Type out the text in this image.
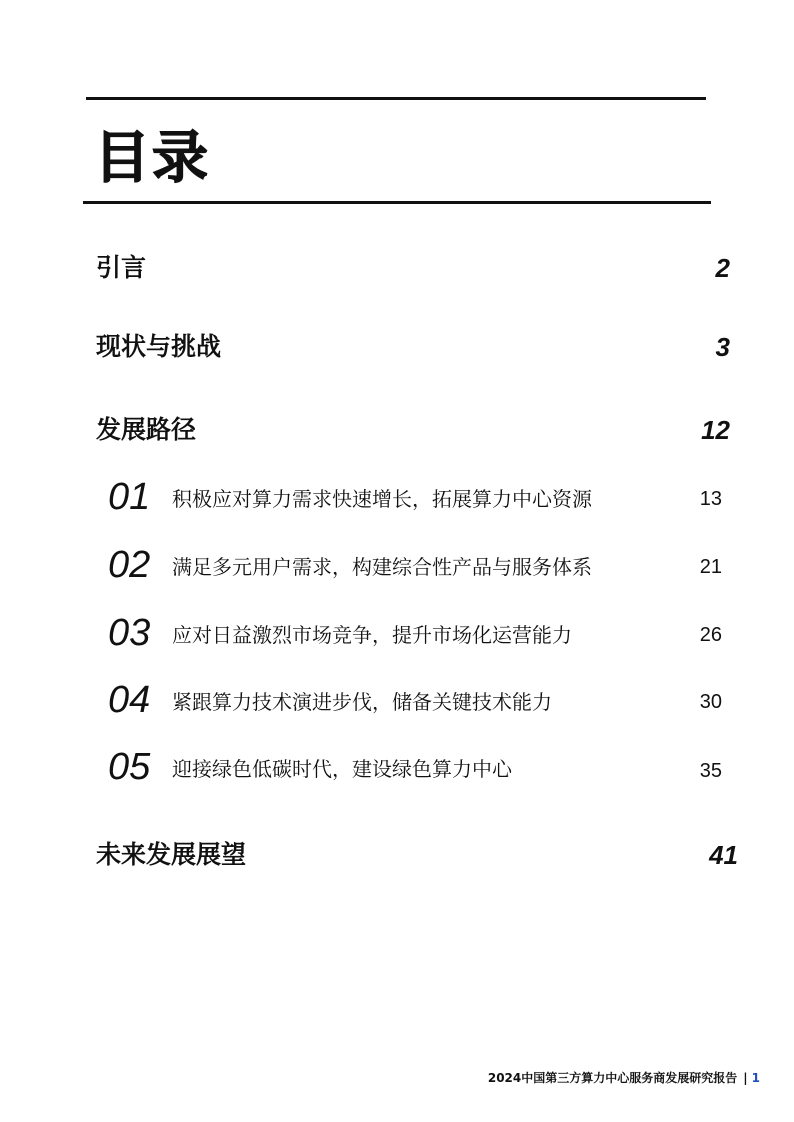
目录
引言	2
现状与挑战	3
发展路径	12
01 积极应对算力需求快速增长，拓展算力中心资源	13
02 满足多元用户需求，构建综合性产品与服务体系	21
03 应对日益激烈市场竞争，提升市场化运营能力	26
04 紧跟算力技术演进步伐，储备关键技术能力	30
05 迎接绿色低碳时代，建设绿色算力中心	35
未来发展展望	41
2024中国第三方算力中心服务商发展研究报告 | 1
